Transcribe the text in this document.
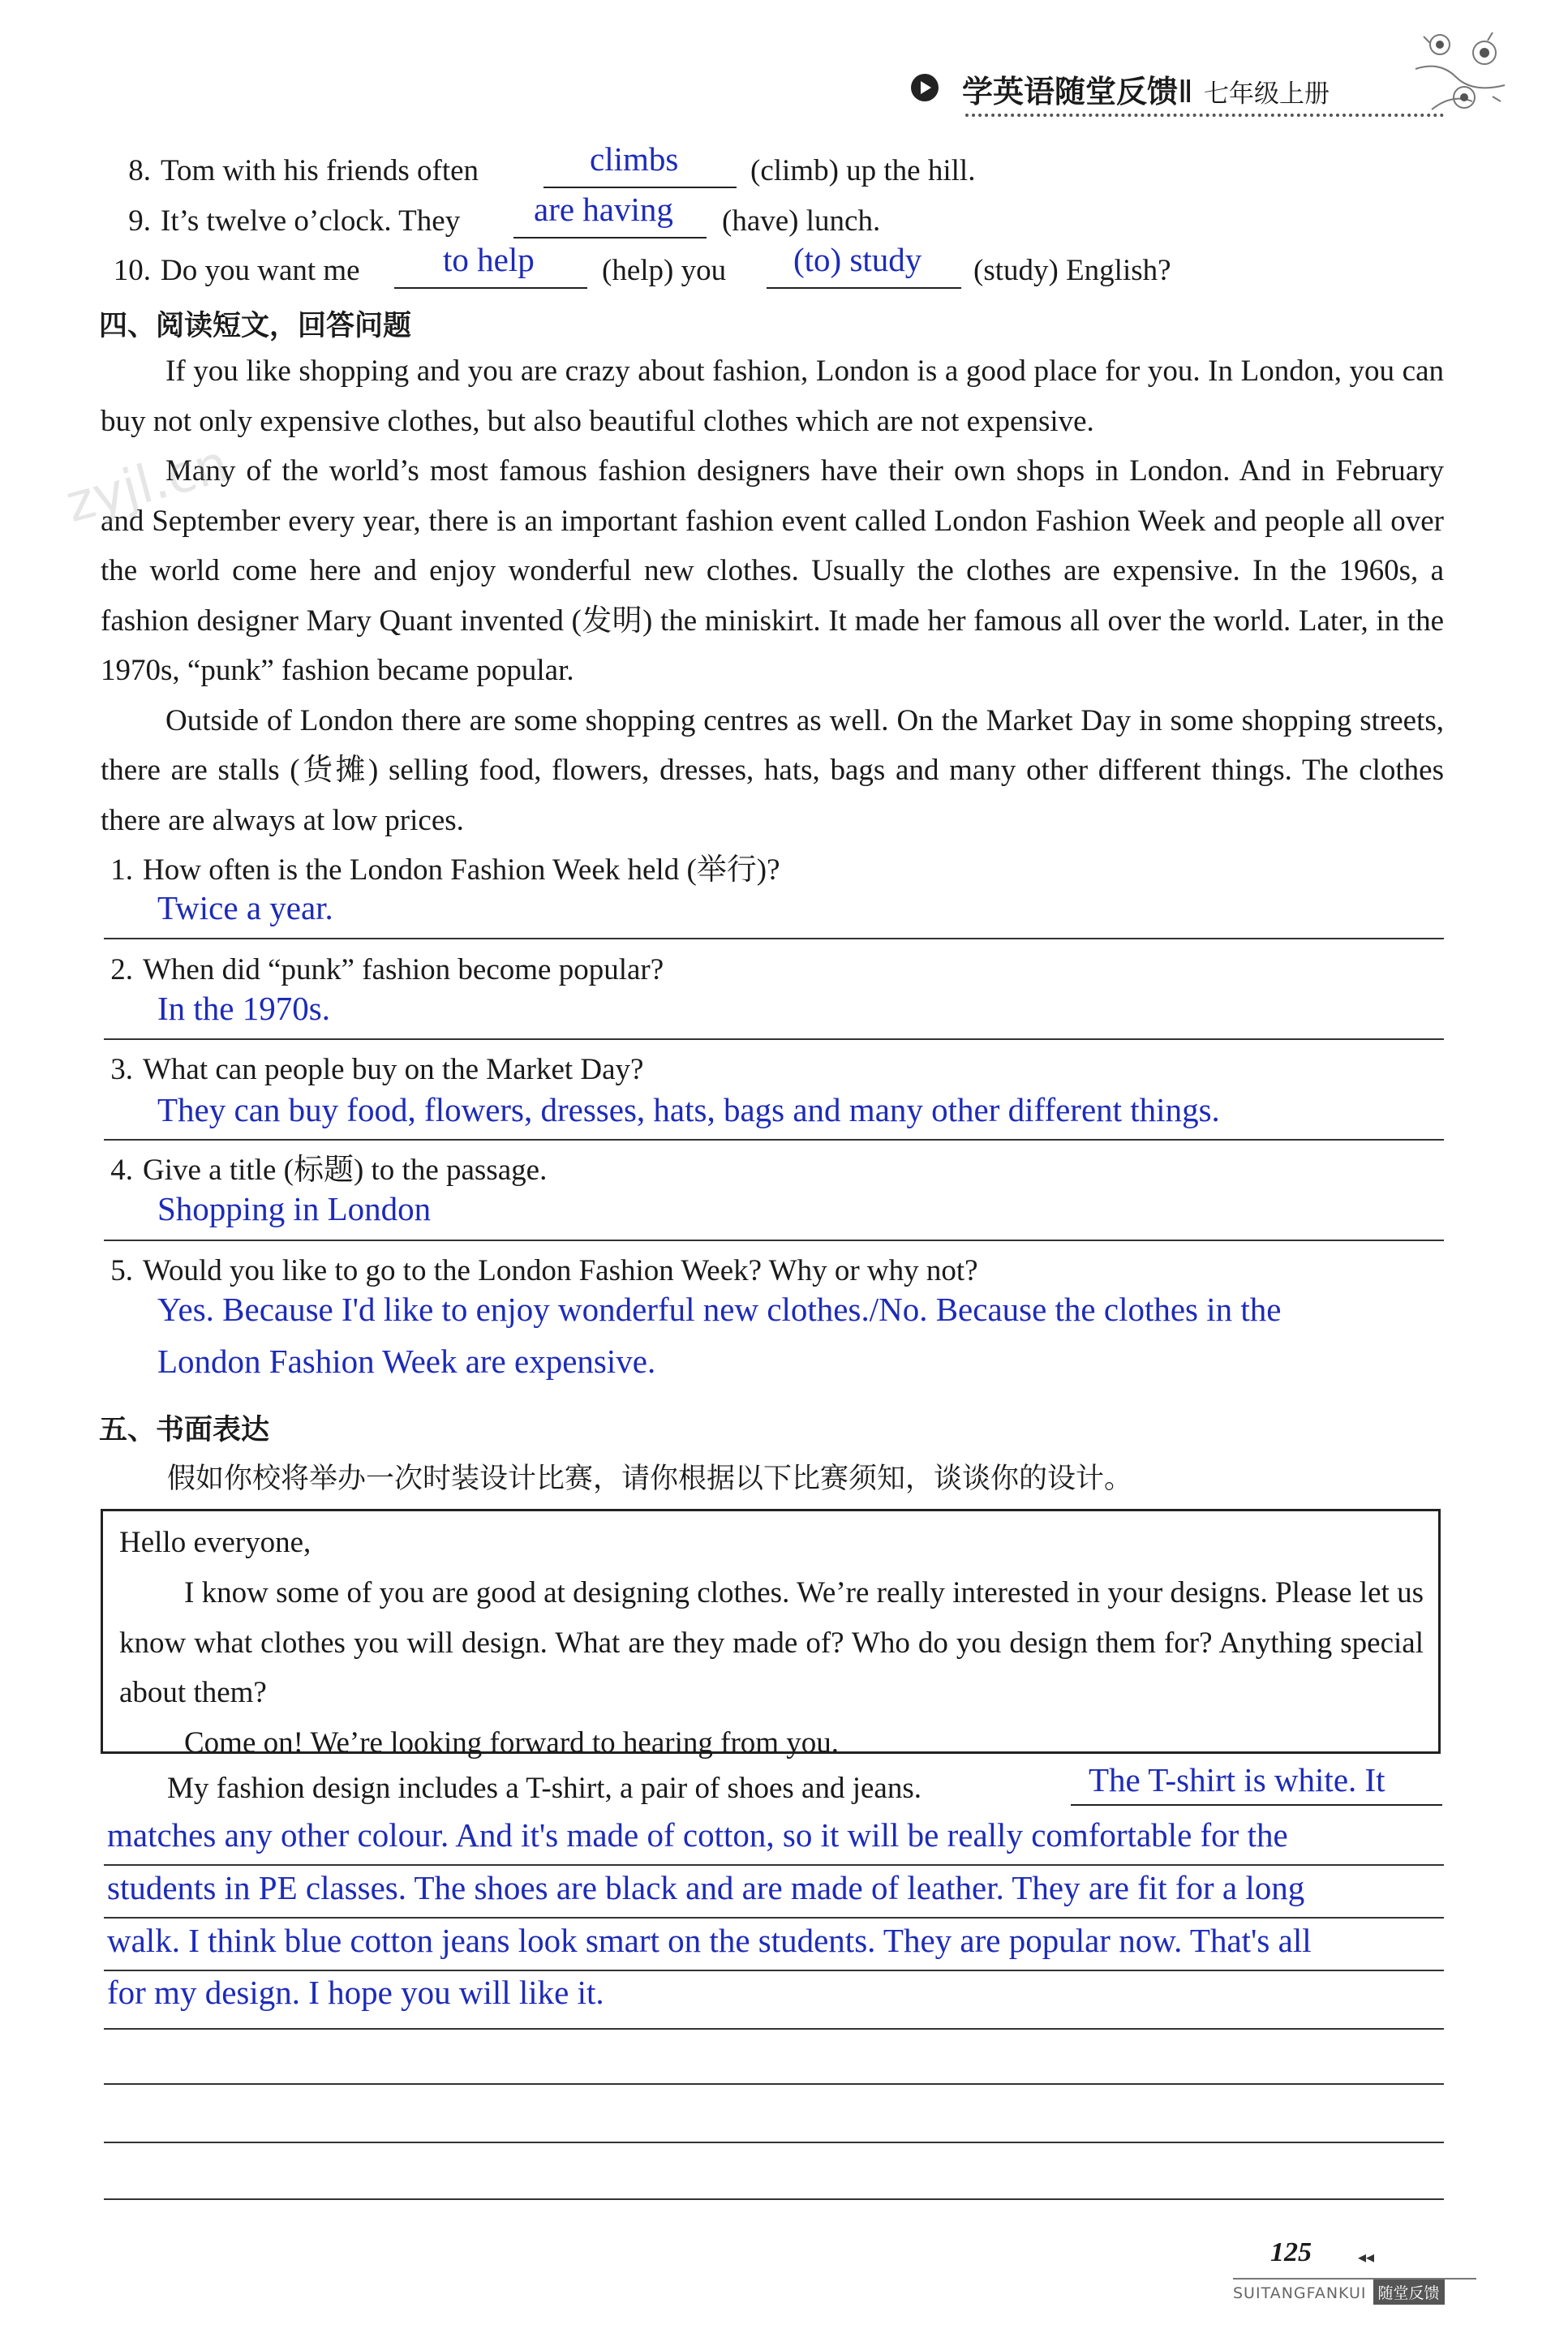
学英语随堂反馈Ⅱ 七年级上册
8. Tom with his friends often	climbs (climb) up the hill.
9. It’s twelve o’clock. They are having (have) lunch.
10. Do you want me to help (help) you (to) study (study) English?
四、阅读短文，回答问题

If you like shopping and you are crazy about fashion, London is a good place for you. In London, you can buy not only expensive clothes, but also beautiful clothes which are not expensive.

Many of the world’s most famous fashion designers have their own shops in London. And in February and September every year, there is an important fashion event called London Fashion Week and people all over the world come here and enjoy wonderful new clothes. Usually the clothes are expensive. In the 1960s, a fashion designer Mary Quant invented (发明) the miniskirt. It made her famous all over the world. Later, in the 1970s, “punk” fashion became popular.

Outside of London there are some shopping centres as well. On the Market Day in some shopping streets, there are stalls (货摊) selling food, flowers, dresses, hats, bags and many other different things. The clothes there are always at low prices.

zyjl.cn
1. How often is the London Fashion Week held (举行)?
Twice a year.
2. When did “punk” fashion become popular?
In the 1970s.
3. What can people buy on the Market Day?
They can buy food, flowers, dresses, hats, bags and many other different things.
4. Give a title (标题) to the passage.
Shopping in London
5. Would you like to go to the London Fashion Week? Why or why not?
Yes. Because I'd like to enjoy wonderful new clothes./No. Because the clothes in the
London Fashion Week are expensive.
五、书面表达
假如你校将举办一次时装设计比赛，请你根据以下比赛须知，谈谈你的设计。
Hello everyone,

I know some of you are good at designing clothes. We’re really interested in your designs. Please let us know what clothes you will design. What are they made of? Who do you design them for? Anything special about them?

Come on! We’re looking forward to hearing from you.
My fashion design includes a T-shirt, a pair of shoes and jeans.	The T-shirt is white. It
matches any other colour. And it's made of cotton, so it will be really comfortable for the
students in PE classes. The shoes are black and are made of leather. They are fit for a long
walk. I think blue cotton jeans look smart on the students. They are popular now. That's all
for my design. I hope you will like it.
125	◂◂
SUITANGFANKUI 随堂反馈
